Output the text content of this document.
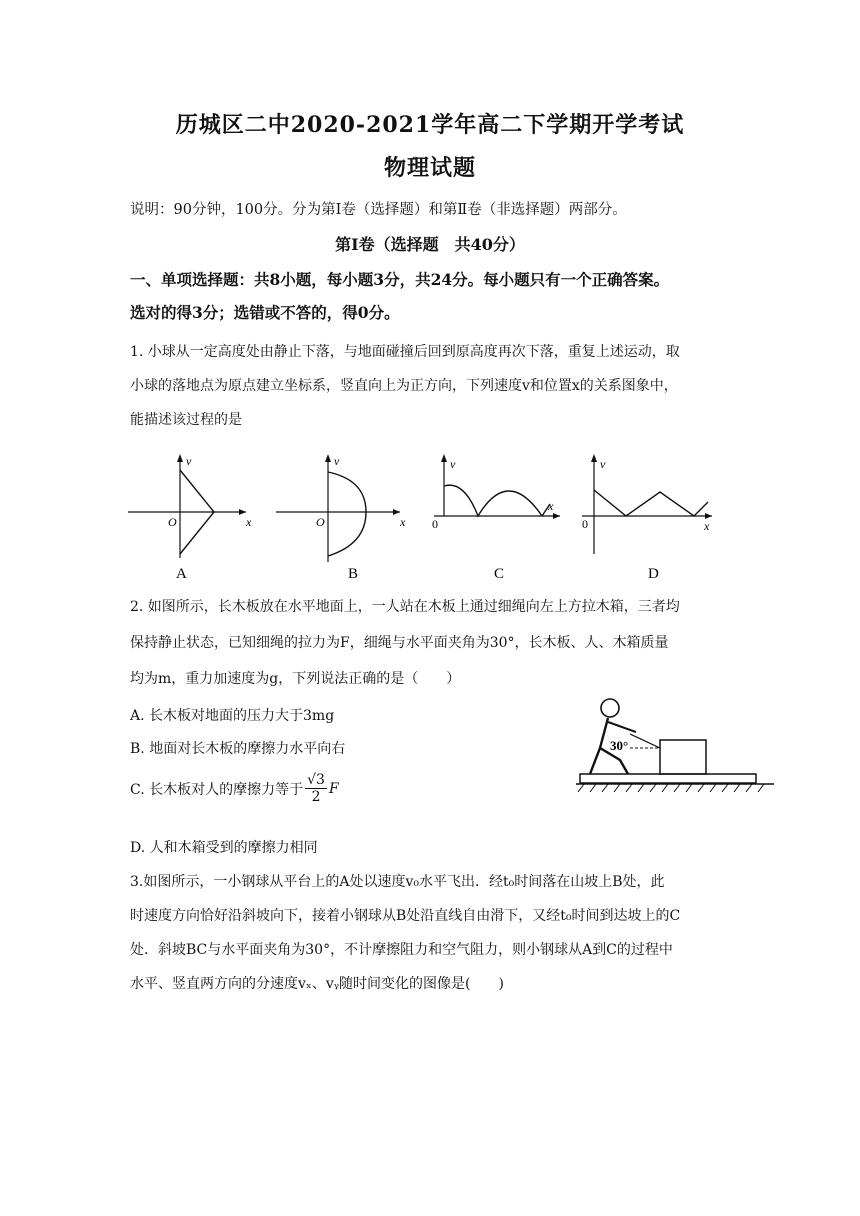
历城区二中2020-2021学年高二下学期开学考试
物理试题
说明：90分钟，100分。分为第Ⅰ卷（选择题）和第Ⅱ卷（非选择题）两部分。
第Ⅰ卷（选择题　共40分）
一、单项选择题：共8小题，每小题3分，共24分。每小题只有一个正确答案。
选对的得3分；选错或不答的，得0分。
1. 小球从一定高度处由静止下落，与地面碰撞后回到原高度再次下落，重复上述运动，取
小球的落地点为原点建立坐标系，竖直向上为正方向，下列速度v和位置x的关系图象中，
能描述该过程的是
v
x
O
A
v
x
O
B
v
x
0
C
v
x
0
D
2. 如图所示，长木板放在水平地面上，一人站在木板上通过细绳向左上方拉木箱，三者均
保持静止状态，已知细绳的拉力为F，细绳与水平面夹角为30°，长木板、人、木箱质量
均为m，重力加速度为g，下列说法正确的是（　　）
A. 长木板对地面的压力大于3mg
B. 地面对长木板的摩擦力水平向右
C. 长木板对人的摩擦力等于 $\frac{√3}{2}$ F
D. 人和木箱受到的摩擦力相同
30°
3.如图所示，一小钢球从平台上的A处以速度v₀水平飞出．经t₀时间落在山坡上B处，此
时速度方向恰好沿斜坡向下，接着小钢球从B处沿直线自由滑下，又经t₀时间到达坡上的C
处．斜坡BC与水平面夹角为30°，不计摩擦阻力和空气阻力，则小钢球从A到C的过程中
水平、竖直两方向的分速度vₓ、vᵧ随时间变化的图像是(　　)
